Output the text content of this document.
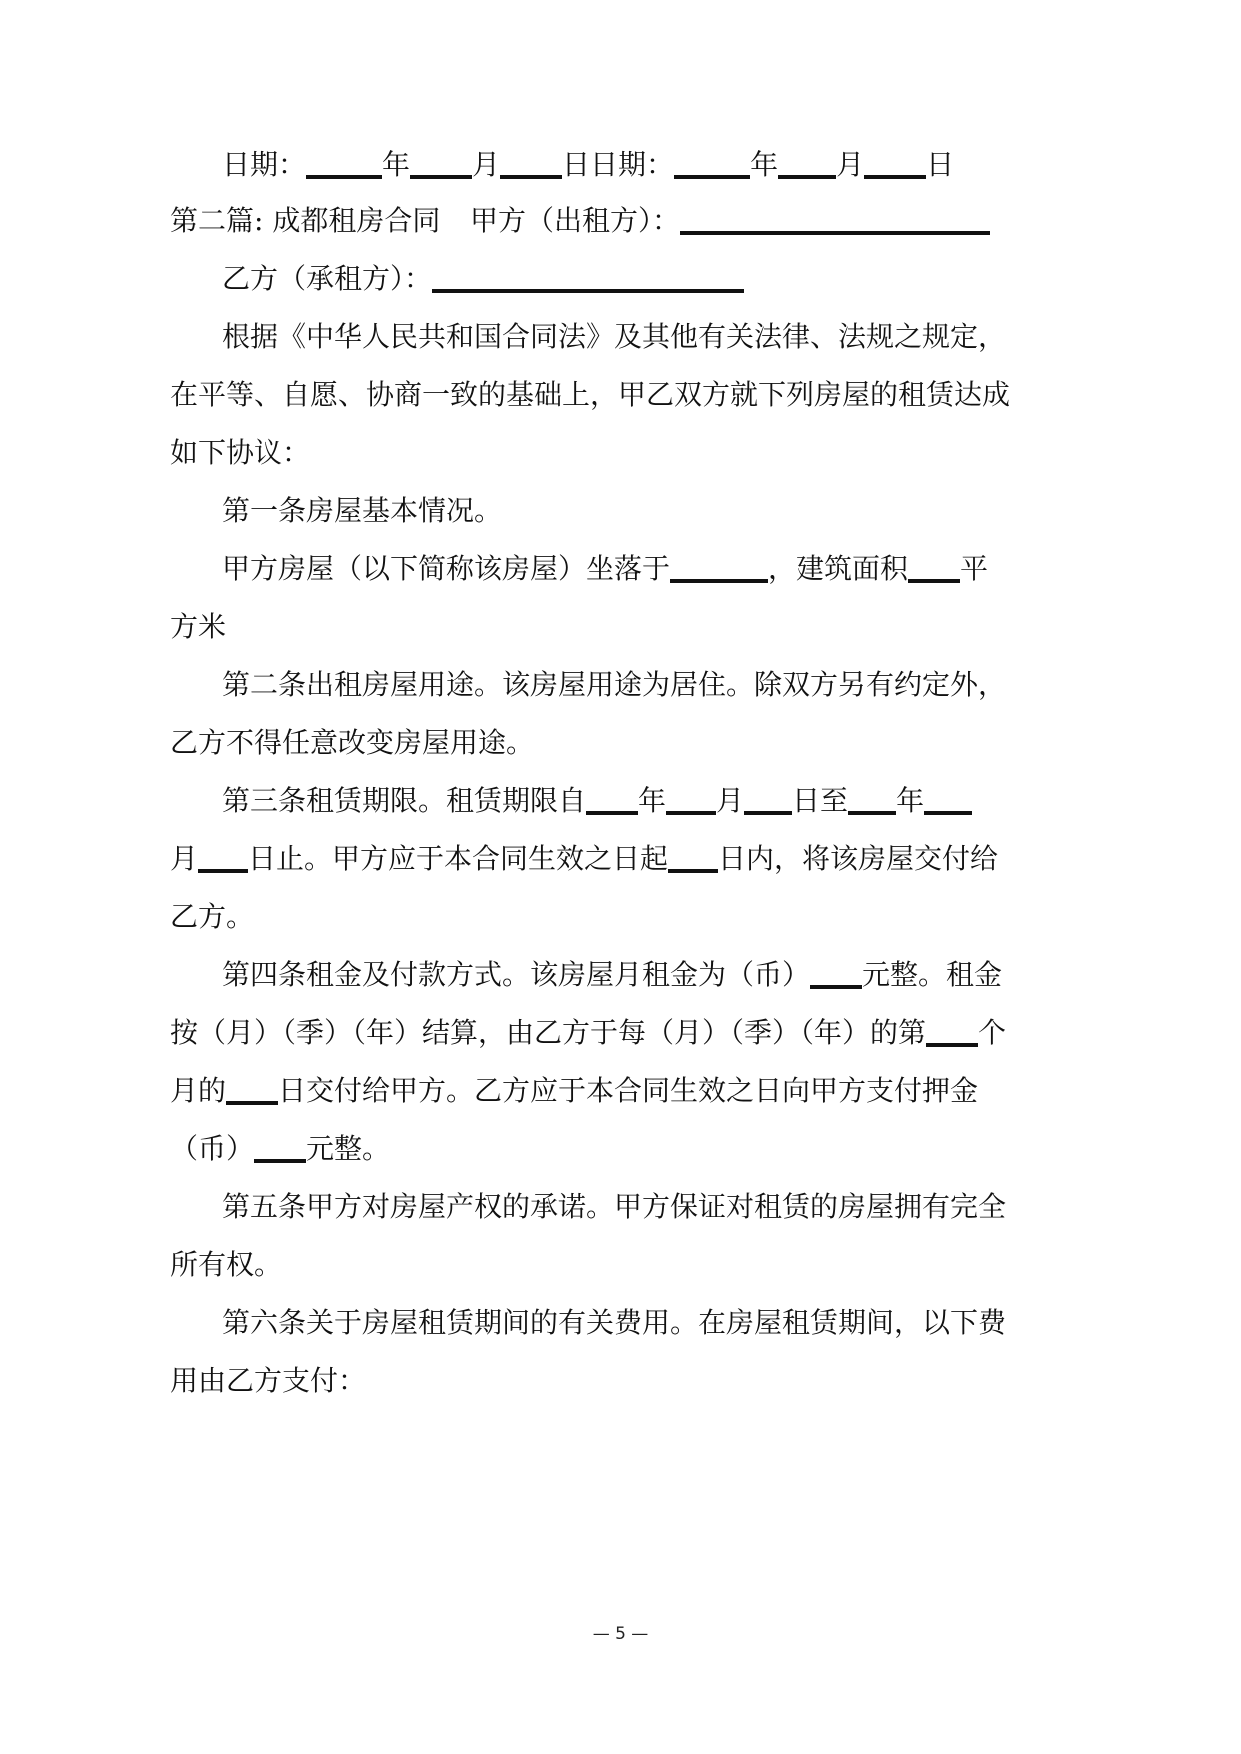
日期：	年 月 日日期：	年 月 日
第二篇: 成都租房合同 甲方（出租方）：
乙方（承租方）：
根据《中华人民共和国合同法》及其他有关法律、法规之规定，
在平等、自愿、协商一致的基础上，甲乙双方就下列房屋的租赁达成
如下协议：
第一条房屋基本情况。
甲方房屋（以下简称该房屋）坐落于	，建筑面积 平
方米
第二条出租房屋用途。该房屋用途为居住。除双方另有约定外，
乙方不得任意改变房屋用途。
第三条租赁期限。租赁期限自 年 月 日至 年
月 日止。甲方应于本合同生效之日起 日内，将该房屋交付给
乙方。
第四条租金及付款方式。该房屋月租金为（币） 元整。租金
按（月）（季）（年）结算，由乙方于每（月）（季）（年）的第 个
月的 日交付给甲方。乙方应于本合同生效之日向甲方支付押金
（币） 元整。
第五条甲方对房屋产权的承诺。甲方保证对租赁的房屋拥有完全
所有权。
第六条关于房屋租赁期间的有关费用。在房屋租赁期间，以下费
用由乙方支付：
— 5 —
